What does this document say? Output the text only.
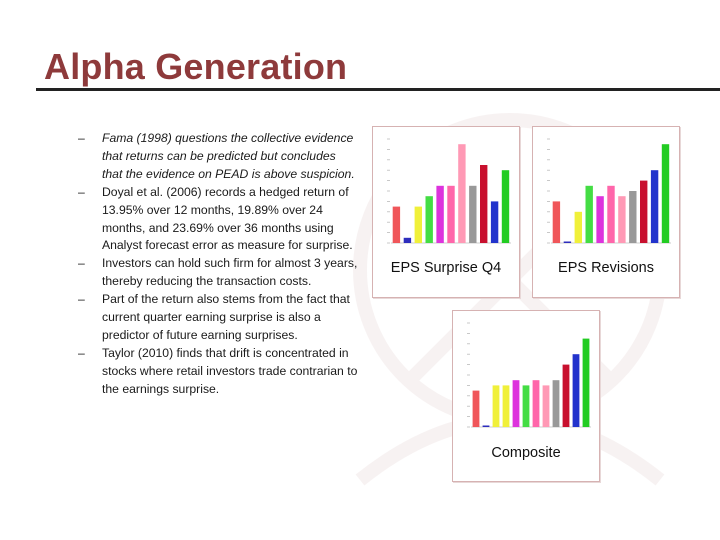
Alpha Generation
– Fama (1998) questions the collective evidence that returns can be predicted but concludes that the evidence on PEAD is above suspicion.
– Doyal et al. (2006) records a hedged return of 13.95% over 12 months, 19.89% over 24 months, and 23.69% over 36 months using Analyst forecast error as measure for surprise.
– Investors can hold such firm for almost 3 years, thereby reducing the transaction costs.
– Part of the return also stems from the fact that current quarter earning surprise is also a predictor of future earning surprises.
– Taylor (2010) finds that drift is concentrated in stocks where retail investors trade contrarian to the earnings surprise.
EPS Surprise Q4	EPS Revisions
Composite
